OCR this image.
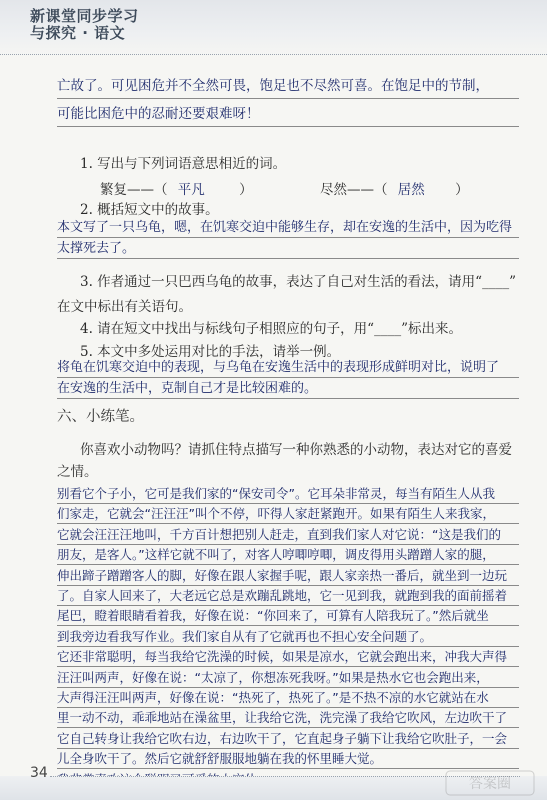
新课堂同步学习
与探究 · 语文
亡故了。可见困危并不全然可畏，饱足也不尽然可喜。在饱足中的节制，
可能比困危中的忍耐还要艰难呀！
1. 写出与下列词语意思相近的词。
繁复——（ 平凡	）	尽然——（ 居然 ）
2. 概括短文中的故事。
本文写了一只乌龟，嗯，在饥寒交迫中能够生存，却在安逸的生活中，因为吃得
太撑死去了。
3. 作者通过一只巴西乌龟的故事，表达了自己对生活的看法，请用“____”
在文中标出有关语句。
4. 请在短文中找出与标线句子相照应的句子，用“____”标出来。
5. 本文中多处运用对比的手法，请举一例。
将龟在饥寒交迫中的表现，与乌龟在安逸生活中的表现形成鲜明对比，说明了
在安逸的生活中，克制自己才是比较困难的。
六、小练笔。
你喜欢小动物吗？请抓住特点描写一种你熟悉的小动物，表达对它的喜爱
之情。
别看它个子小，它可是我们家的“保安司令”。它耳朵非常灵，每当有陌生人从我
们家走，它就会“汪汪汪”叫个不停，吓得人家赶紧跑开。如果有陌生人来我家，
它就会汪汪汪地叫，千方百计想把别人赶走，直到我们家人对它说：“这是我们的
朋友，是客人。”这样它就不叫了，对客人哼唧哼唧，调皮得用头蹭蹭人家的腿，
伸出蹄子蹭蹭客人的脚，好像在跟人家握手呢，跟人家亲热一番后，就坐到一边玩
了。自家人回来了，大老远它总是欢蹦乱跳地，它一见到我，就跑到我的面前摇着
尾巴，瞪着眼睛看着我，好像在说：“你回来了，可算有人陪我玩了。”然后就坐
到我旁边看我写作业。我们家自从有了它就再也不担心安全问题了。
它还非常聪明，每当我给它洗澡的时候，如果是凉水，它就会跑出来，冲我大声得
汪汪叫两声，好像在说：“太凉了，你想冻死我呀。”如果是热水它也会跑出来，
大声得汪汪叫两声，好像在说：“热死了，热死了。”是不热不凉的水它就站在水
里一动不动，乖乖地站在澡盆里，让我给它洗，洗完澡了我给它吹风，左边吹干了
它自己转身让我给它吹右边，右边吹干了，它直起身子躺下让我给它吹肚子，一会
儿全身吹干了。然后它就舒舒服服地躺在我的怀里睡大觉。
34
答案圈
